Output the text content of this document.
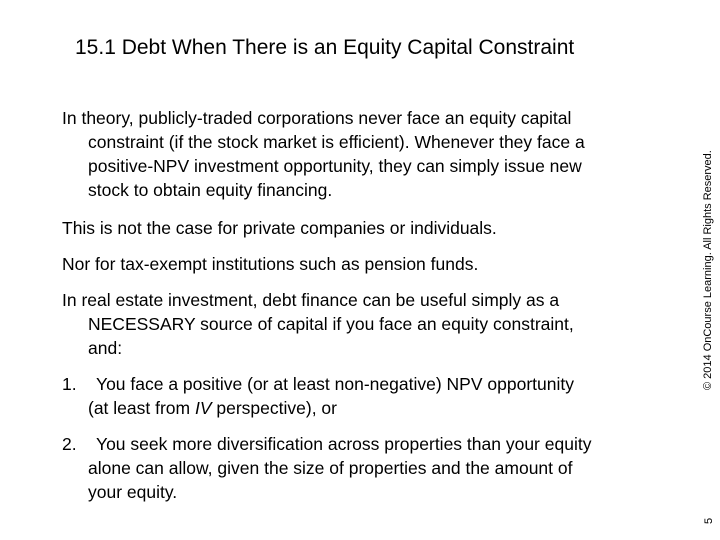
15.1 Debt When There is an Equity Capital Constraint
In theory, publicly-traded corporations never face an equity capital
constraint (if the stock market is efficient). Whenever they face a
positive-NPV investment opportunity, they can simply issue new
stock to obtain equity financing.
This is not the case for private companies or individuals.
Nor for tax-exempt institutions such as pension funds.
In real estate investment, debt finance can be useful simply as a
NECESSARY source of capital if you face an equity constraint,
and:
1. You face a positive (or at least non-negative) NPV opportunity
(at least from IV perspective), or
2. You seek more diversification across properties than your equity
alone can allow, given the size of properties and the amount of
your equity.
© 2014 OnCourse Learning. All Rights Reserved.
5
